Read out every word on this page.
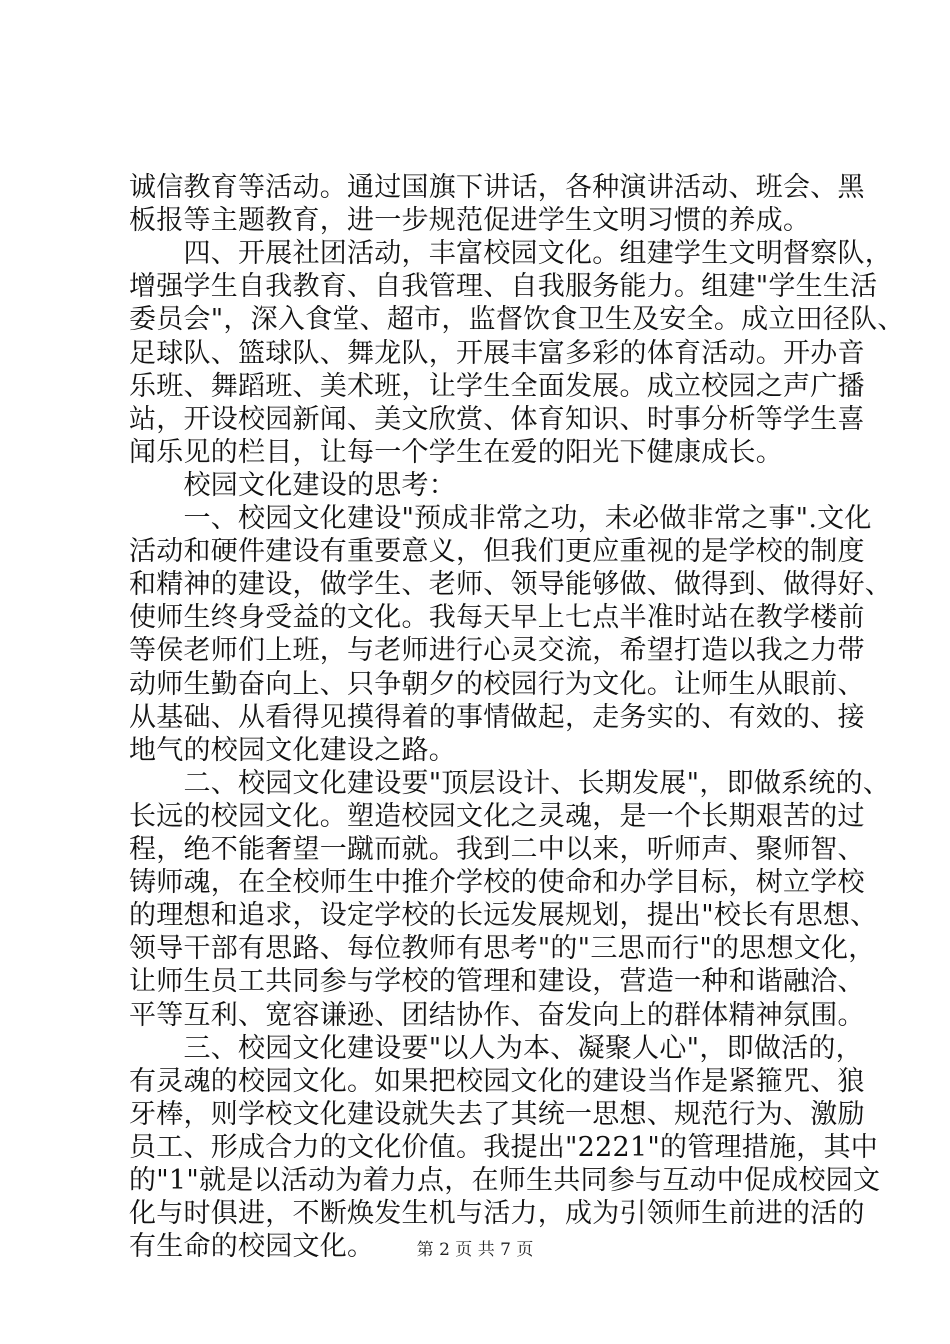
诚信教育等活动。通过国旗下讲话，各种演讲活动、班会、黑
板报等主题教育，进一步规范促进学生文明习惯的养成。
　　四、开展社团活动，丰富校园文化。组建学生文明督察队，
增强学生自我教育、自我管理、自我服务能力。组建"学生生活
委员会"，深入食堂、超市，监督饮食卫生及安全。成立田径队、
足球队、篮球队、舞龙队，开展丰富多彩的体育活动。开办音
乐班、舞蹈班、美术班，让学生全面发展。成立校园之声广播
站，开设校园新闻、美文欣赏、体育知识、时事分析等学生喜
闻乐见的栏目，让每一个学生在爱的阳光下健康成长。
　　校园文化建设的思考：
　　一、校园文化建设"预成非常之功，未必做非常之事".文化
活动和硬件建设有重要意义，但我们更应重视的是学校的制度
和精神的建设，做学生、老师、领导能够做、做得到、做得好、
使师生终身受益的文化。我每天早上七点半准时站在教学楼前
等侯老师们上班，与老师进行心灵交流，希望打造以我之力带
动师生勤奋向上、只争朝夕的校园行为文化。让师生从眼前、
从基础、从看得见摸得着的事情做起，走务实的、有效的、接
地气的校园文化建设之路。
　　二、校园文化建设要"顶层设计、长期发展"，即做系统的、
长远的校园文化。塑造校园文化之灵魂，是一个长期艰苦的过
程，绝不能奢望一蹴而就。我到二中以来，听师声、聚师智、
铸师魂，在全校师生中推介学校的使命和办学目标，树立学校
的理想和追求，设定学校的长远发展规划，提出"校长有思想、
领导干部有思路、每位教师有思考"的"三思而行"的思想文化，
让师生员工共同参与学校的管理和建设，营造一种和谐融洽、
平等互利、宽容谦逊、团结协作、奋发向上的群体精神氛围。
　　三、校园文化建设要"以人为本、凝聚人心"，即做活的，
有灵魂的校园文化。如果把校园文化的建设当作是紧箍咒、狼
牙棒，则学校文化建设就失去了其统一思想、规范行为、激励
员工、形成合力的文化价值。我提出"2221"的管理措施，其中
的"1"就是以活动为着力点，在师生共同参与互动中促成校园文
化与时俱进，不断焕发生机与活力，成为引领师生前进的活的
有生命的校园文化。	第 2 页 共 7 页
